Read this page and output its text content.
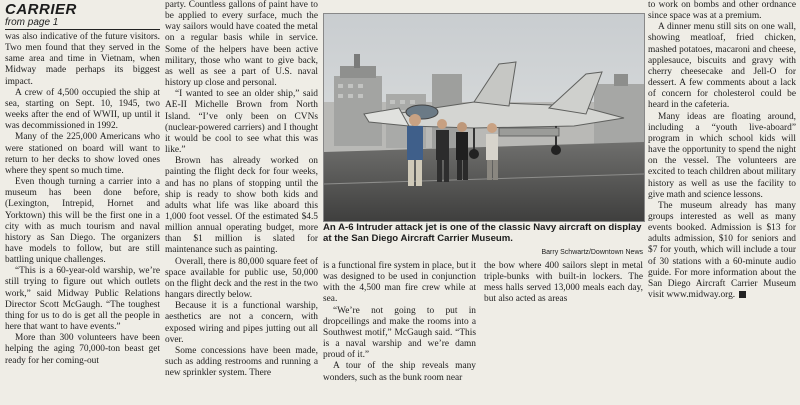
CARRIER
from page 1

was also indicative of the future visitors. Two men found that they served in the same area and time in Vietnam, when Midway made perhaps its biggest impact.

A crew of 4,500 occupied the ship at sea, starting on Sept. 10, 1945, two weeks after the end of WWII, up until it was decommissioned in 1992.

Many of the 225,000 Americans who were stationed on board will want to return to her decks to show loved ones where they spent so much time.

Even though turning a carrier into a museum has been done before, (Lexington, Intrepid, Hornet and Yorktown) this will be the first one in a city with as much tourism and naval history as San Diego. The organizers have models to follow, but are still battling unique challenges.

“This is a 60-year-old warship, we’re still trying to figure out which outlets work,” said Midway Public Relations Director Scott McGaugh. “The toughest thing for us to do is get all the people in here that want to have events.”

More than 300 volunteers have been helping the aging 70,000-ton beast get ready for her coming-out

party. Countless gallons of paint have to be applied to every surface, much the way sailors would have coated the metal on a regular basis while in service. Some of the helpers have been active military, those who want to give back, as well as see a part of U.S. naval history up close and personal.

“I wanted to see an older ship,” said AE-II Michelle Brown from North Island. “I’ve only been on CVNs (nuclear-powered carriers) and I thought it would be cool to see what this was like.”

Brown has already worked on painting the flight deck for four weeks, and has no plans of stopping until the ship is ready to show both kids and adults what life was like aboard this 1,000 foot vessel. Of the estimated $4.5 million annual operating budget, more than $1 million is slated for maintenance such as painting.

Overall, there is 80,000 square feet of space available for public use, 50,000 on the flight deck and the rest in the two hangars directly below.

Because it is a functional warship, aesthetics are not a concern, with exposed wiring and pipes jutting out all over.

Some concessions have been made, such as adding restrooms and running a new sprinkler system. There

An A-6 Intruder attack jet is one of the classic Navy aircraft on display at the San Diego Aircraft Carrier Museum.
Barry Schwartz/Downtown News

is a functional fire system in place, but it was designed to be used in conjunction with the 4,500 man fire crew while at sea.

“We’re not going to put in dropceilings and make the rooms into a Southwest motif,” McGaugh said. “This is a naval warship and we’re damn proud of it.”

A tour of the ship reveals many wonders, such as the bunk room near

the bow where 400 sailors slept in metal triple-bunks with built-in lockers. The mess halls served 13,000 meals each day, but also acted as areas

to work on bombs and other ordnance since space was at a premium.

A dinner menu still sits on one wall, showing meatloaf, fried chicken, mashed potatoes, macaroni and cheese, applesauce, biscuits and gravy with cherry cheesecake and Jell-O for dessert. A few comments about a lack of concern for cholesterol could be heard in the cafeteria.

Many ideas are floating around, including a “youth live-aboard” program in which school kids will have the opportunity to spend the night on the vessel. The volunteers are excited to teach children about military history as well as use the facility to give math and science lessons.

The museum already has many groups interested as well as many events booked. Admission is $13 for adults admission, $10 for seniors and $7 for youth, which will include a tour of 30 stations with a 60-minute audio guide. For more information about the San Diego Aircraft Carrier Museum visit www.midway.org.
